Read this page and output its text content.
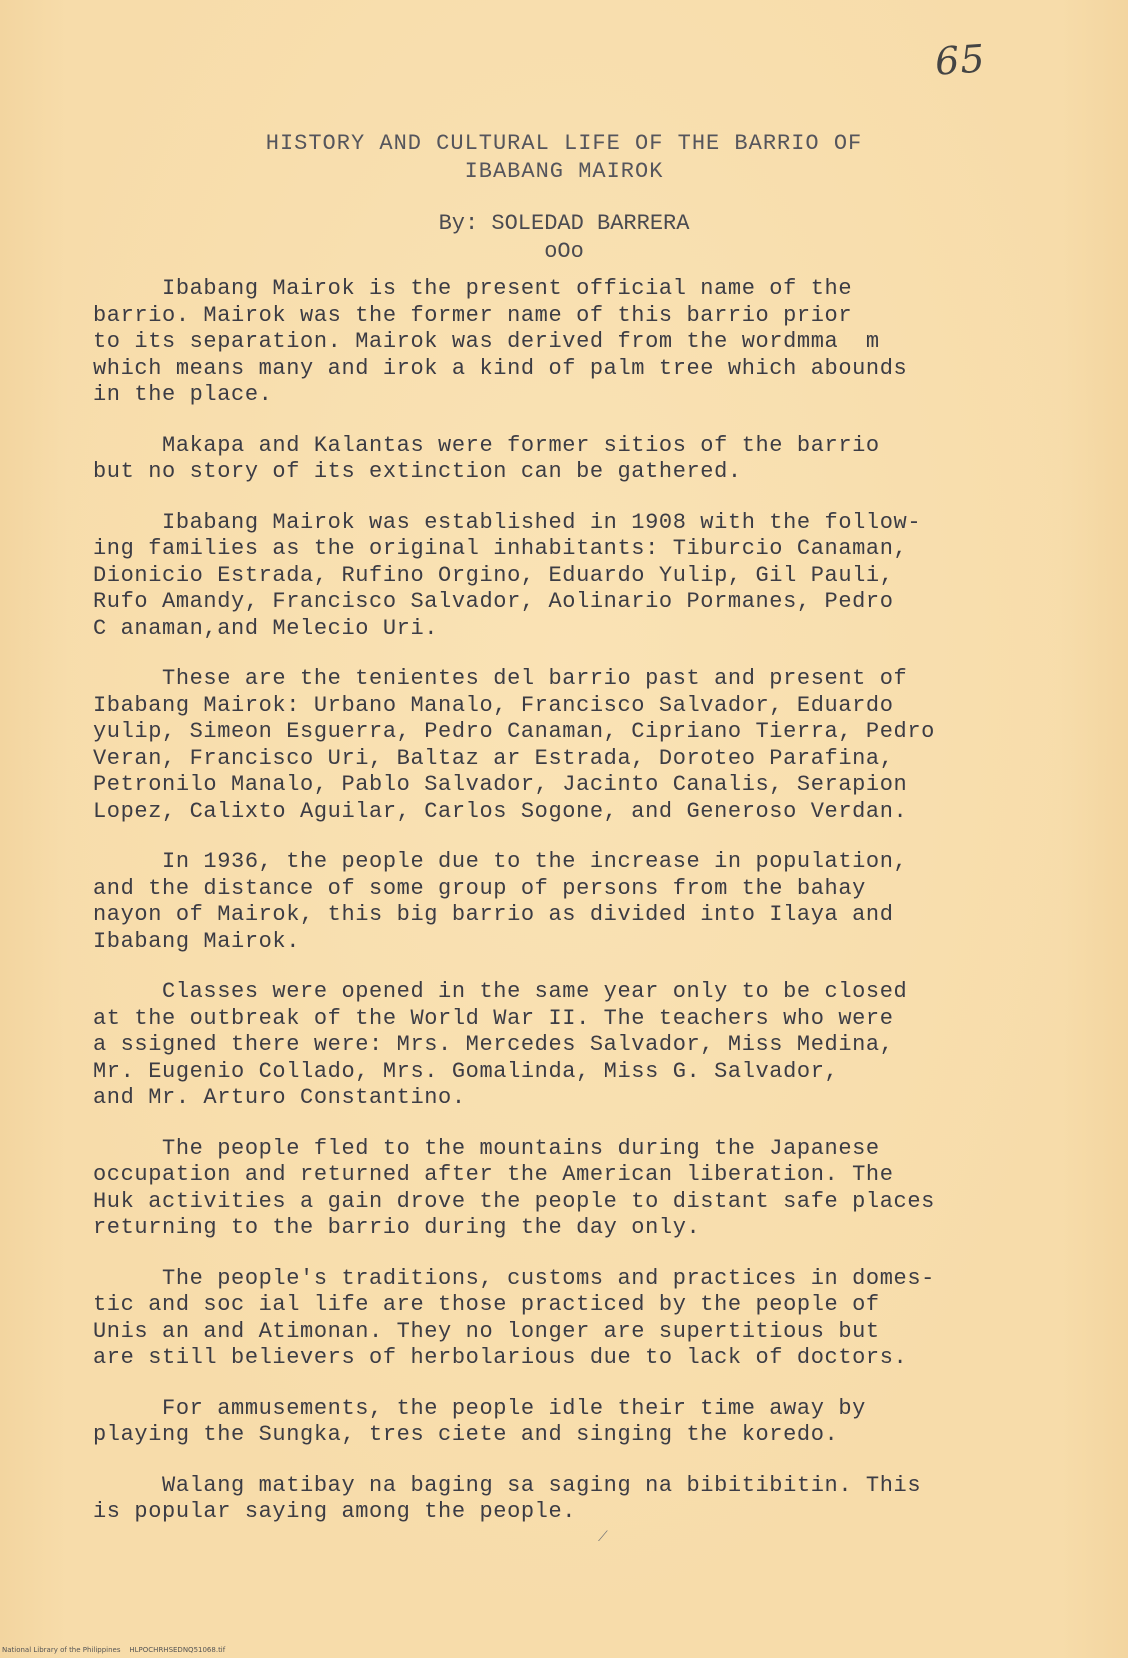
65
HISTORY AND CULTURAL LIFE OF THE BARRIO OF
IBABANG MAIROK
By: SOLEDAD BARRERA
oOo
Ibabang Mairok is the present official name of the
barrio. Mairok was the former name of this barrio prior
to its separation. Mairok was derived from the wordmma  m
which means many and irok a kind of palm tree which abounds
in the place.
Makapa and Kalantas were former sitios of the barrio
but no story of its extinction can be gathered.
Ibabang Mairok was established in 1908 with the follow-
ing families as the original inhabitants: Tiburcio Canaman,
Dionicio Estrada, Rufino Orgino, Eduardo Yulip, Gil Pauli,
Rufo Amandy, Francisco Salvador, Aolinario Pormanes, Pedro
C anaman,and Melecio Uri.
These are the tenientes del barrio past and present of
Ibabang Mairok: Urbano Manalo, Francisco Salvador, Eduardo
yulip, Simeon Esguerra, Pedro Canaman, Cipriano Tierra, Pedro
Veran, Francisco Uri, Baltaz ar Estrada, Doroteo Parafina,
Petronilo Manalo, Pablo Salvador, Jacinto Canalis, Serapion
Lopez, Calixto Aguilar, Carlos Sogone, and Generoso Verdan.
In 1936, the people due to the increase in population,
and the distance of some group of persons from the bahay
nayon of Mairok, this big barrio as divided into Ilaya and
Ibabang Mairok.
Classes were opened in the same year only to be closed
at the outbreak of the World War II. The teachers who were
a ssigned there were: Mrs. Mercedes Salvador, Miss Medina,
Mr. Eugenio Collado, Mrs. Gomalinda, Miss G. Salvador,
and Mr. Arturo Constantino.
The people fled to the mountains during the Japanese
occupation and returned after the American liberation. The
Huk activities a gain drove the people to distant safe places
returning to the barrio during the day only.
The people's traditions, customs and practices in domes-
tic and soc ial life are those practiced by the people of
Unis an and Atimonan. They no longer are supertitious but
are still believers of herbolarious due to lack of doctors.
For ammusements, the people idle their time away by
playing the Sungka, tres ciete and singing the koredo.
Walang matibay na baging sa saging na bibitibitin. This
is popular saying among the people.
⟋
National Library of the Philippines    HLPOCHRHSEDNQ51068.tif
